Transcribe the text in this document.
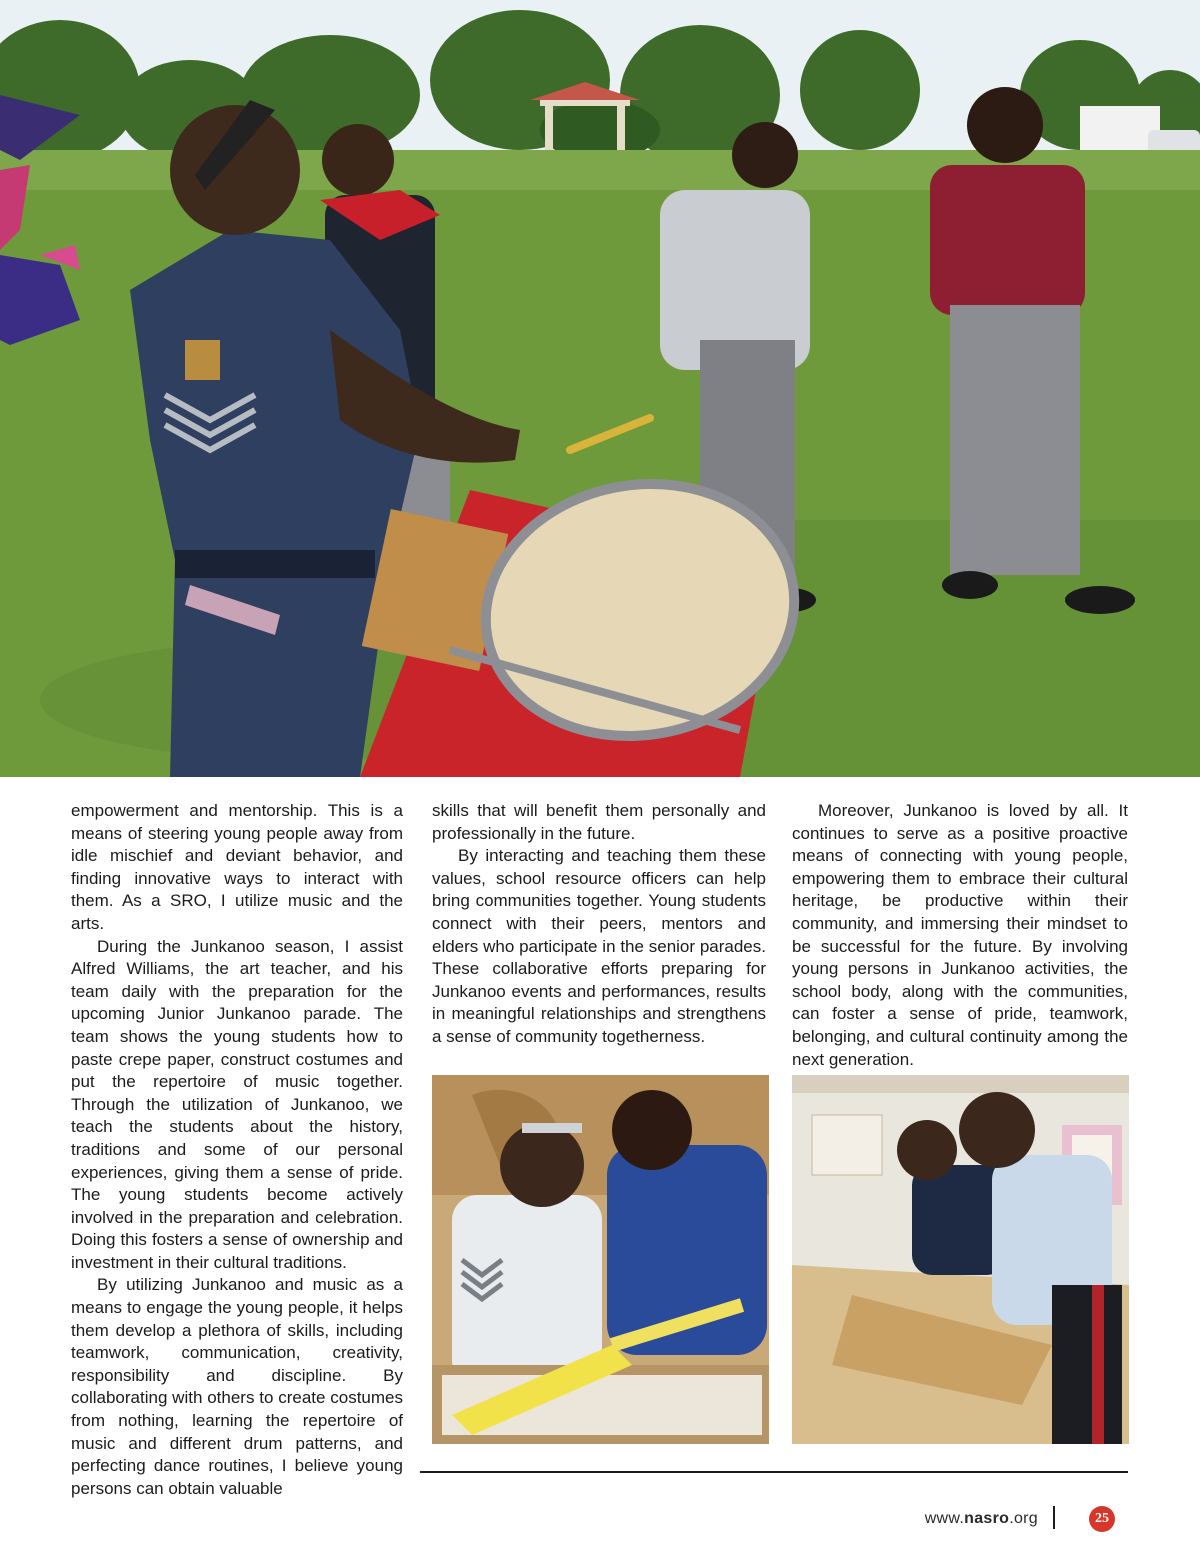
empowerment and mentorship. This is a means of steering young people away from idle mischief and deviant behavior, and finding innovative ways to interact with them. As a SRO, I utilize music and the arts.

During the Junkanoo season, I assist Alfred Williams, the art teacher, and his team daily with the preparation for the upcoming Junior Junkanoo parade. The team shows the young students how to paste crepe paper, construct costumes and put the repertoire of music together. Through the utilization of Junkanoo, we teach the students about the history, traditions and some of our personal experiences, giving them a sense of pride. The young students become actively involved in the preparation and celebration. Doing this fosters a sense of ownership and investment in their cultural traditions.

By utilizing Junkanoo and music as a means to engage the young people, it helps them develop a plethora of skills, including teamwork, communication, creativity, responsibility and discipline. By collaborating with others to create costumes from nothing, learning the repertoire of music and different drum patterns, and perfecting dance routines, I believe young persons can obtain valuable

skills that will benefit them personally and professionally in the future.

By interacting and teaching them these values, school resource officers can help bring communities together. Young students connect with their peers, mentors and elders who participate in the senior parades. These collaborative efforts preparing for Junkanoo events and performances, results in meaningful relationships and strengthens a sense of community togetherness.

Moreover, Junkanoo is loved by all. It continues to serve as a positive proactive means of connecting with young people, empowering them to embrace their cultural heritage, be productive within their community, and immersing their mindset to be successful for the future. By involving young persons in Junkanoo activities, the school body, along with the communities, can foster a sense of pride, teamwork, belonging, and cultural continuity among the next generation.

www.nasro.org	25
